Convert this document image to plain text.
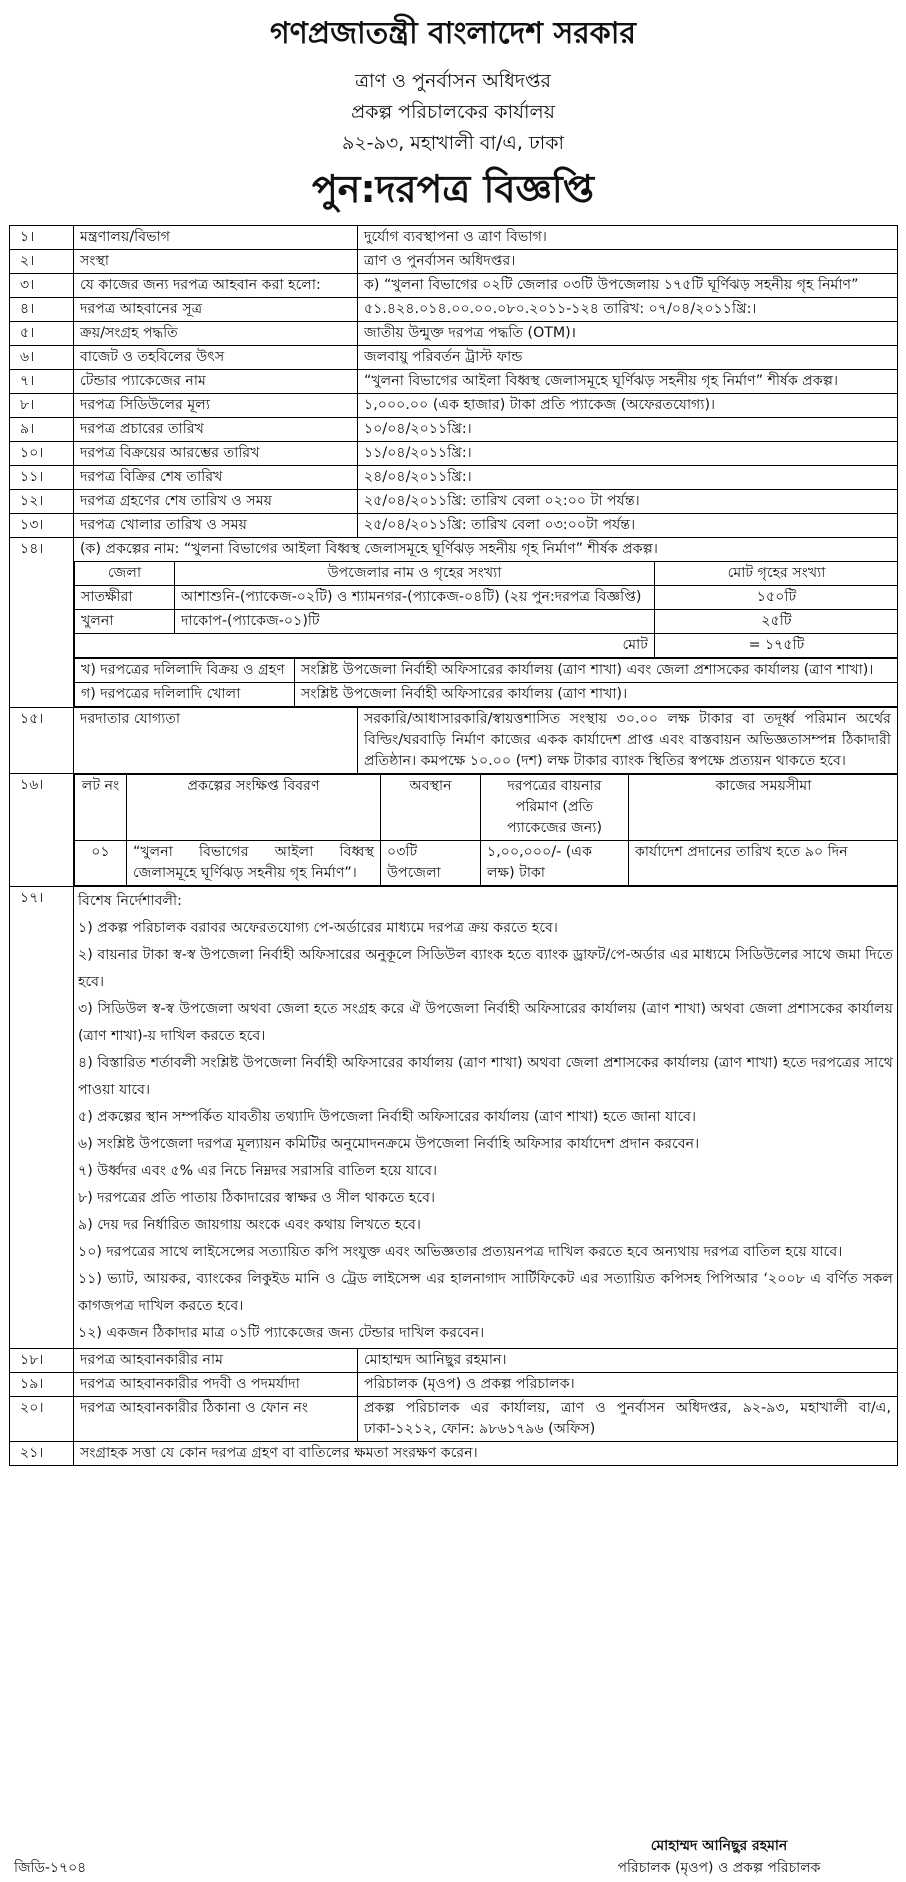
গণপ্রজাতন্ত্রী বাংলাদেশ সরকার
ত্রাণ ও পুনর্বাসন অধিদপ্তর
প্রকল্প পরিচালকের কার্যালয়
৯২-৯৩, মহাখালী বা/এ, ঢাকা
পুন:দরপত্র বিজ্ঞপ্তি
১।	মন্ত্রণালয়/বিভাগ	দুর্যোগ ব্যবস্থাপনা ও ত্রাণ বিভাগ।
২।	সংস্থা	ত্রাণ ও পুনর্বাসন অধিদপ্তর।
৩।	যে কাজের জন্য দরপত্র আহবান করা হলো:	ক) “খুলনা বিভাগের ০২টি জেলার ০৩টি উপজেলায় ১৭৫টি ঘূর্ণিঝড় সহনীয় গৃহ নির্মাণ”
৪।	দরপত্র আহবানের সূত্র	৫১.৪২৪.০১৪.০০.০০.০৮০.২০১১-১২৪ তারিখ: ০৭/০৪/২০১১খ্রি:।
৫।	ক্রয়/সংগ্রহ পদ্ধতি	জাতীয় উন্মুক্ত দরপত্র পদ্ধতি (OTM)।
৬।	বাজেট ও তহবিলের উৎস	জলবায়ু পরিবর্তন ট্রাস্ট ফান্ড
৭।	টেন্ডার প্যাকেজের নাম	“খুলনা বিভাগের আইলা বিধ্বস্থ জেলাসমূহে ঘূর্ণিঝড় সহনীয় গৃহ নির্মাণ” শীর্ষক প্রকল্প।
৮।	দরপত্র সিডিউলের মূল্য	১,০০০.০০ (এক হাজার) টাকা প্রতি প্যাকেজ (অফেরতযোগ্য)।
৯।	দরপত্র প্রচারের তারিখ	১০/০৪/২০১১খ্রি:।
১০।	দরপত্র বিক্রয়ের আরম্ভের তারিখ	১১/০৪/২০১১খ্রি:।
১১।	দরপত্র বিক্রির শেষ তারিখ	২৪/০৪/২০১১খ্রি:।
১২।	দরপত্র গ্রহণের শেষ তারিখ ও সময়	২৫/০৪/২০১১খ্রি: তারিখ বেলা ০২:০০ টা পর্যন্ত।
১৩।	দরপত্র খোলার তারিখ ও সময়	২৫/০৪/২০১১খ্রি: তারিখ বেলা ০৩:০০টা পর্যন্ত।
১৪।	(ক) প্রকল্পের নাম: “খুলনা বিভাগের আইলা বিধ্বস্থ জেলাসমূহে ঘূর্ণিঝড় সহনীয় গৃহ নির্মাণ” শীর্ষক প্রকল্প।
জেলা	উপজেলার নাম ও গৃহের সংখ্যা	মোট গৃহের সংখ্যা
সাতক্ষীরা	আশাশুনি-(প্যাকেজ-০২টি) ও শ্যামনগর-(প্যাকেজ-০৪টি) (২য় পুন:দরপত্র বিজ্ঞপ্তি)	১৫০টি
খুলনা	দাকোপ-(প্যাকেজ-০১)টি	২৫টি
মোট	= ১৭৫টি
খ) দরপত্রের দলিলাদি বিক্রয় ও গ্রহণ	সংশ্লিষ্ট উপজেলা নির্বাহী অফিসারের কার্যালয় (ত্রাণ শাখা) এবং জেলা প্রশাসকের কার্যালয় (ত্রাণ শাখা)।
গ) দরপত্রের দলিলাদি খোলা	সংশ্লিষ্ট উপজেলা নির্বাহী অফিসারের কার্যালয় (ত্রাণ শাখা)।

১৫।	দরদাতার যোগ্যতা	সরকারি/আধাসারকারি/স্বায়ত্তশাসিত সংস্থায় ৩০.০০ লক্ষ টাকার বা তদূর্ধ্ব পরিমান অর্থের বিল্ডিং/ঘরবাড়ি নির্মাণ কাজের একক কার্যাদেশ প্রাপ্ত এবং বাস্তবায়ন অভিজ্ঞতাসম্পন্ন ঠিকাদারী প্রতিষ্ঠান। কমপক্ষে ১০.০০ (দশ) লক্ষ টাকার ব্যাংক স্থিতির স্বপক্ষে প্রত্যয়ন থাকতে হবে।
১৬।		লট নং	প্রকল্পের সংক্ষিপ্ত বিবরণ	অবস্থান	দরপত্রের বায়নার পরিমাণ (প্রতি প্যাকেজের জন্য)	কাজের সময়সীমা
০১	“খুলনা বিভাগের আইলা বিধ্বস্থ জেলাসমূহে ঘূর্ণিঝড় সহনীয় গৃহ নির্মাণ”।	০৩টি উপজেলা	১,০০,০০০/- (এক লক্ষ) টাকা	কার্যাদেশ প্রদানের তারিখ হতে ৯০ দিন

১৭।	বিশেষ নির্দেশাবলী:
১) প্রকল্প পরিচালক বরাবর অফেরতযোগ্য পে-অর্ডারের মাধ্যমে দরপত্র ক্রয় করতে হবে।
২) বায়নার টাকা স্ব-স্ব উপজেলা নির্বাহী অফিসারের অনুকূলে সিডিউল ব্যাংক হতে ব্যাংক ড্রাফট/পে-অর্ডার এর মাধ্যমে সিডিউলের সাথে জমা দিতে হবে।
৩) সিডিউল স্ব-স্ব উপজেলা অথবা জেলা হতে সংগ্রহ করে ঐ উপজেলা নির্বাহী অফিসারের কার্যালয় (ত্রাণ শাখা) অথবা জেলা প্রশাসকের কার্যালয় (ত্রাণ শাখা)-য় দাখিল করতে হবে।
৪) বিস্তারিত শর্তাবলী সংশ্লিষ্ট উপজেলা নির্বাহী অফিসারের কার্যালয় (ত্রাণ শাখা) অথবা জেলা প্রশাসকের কার্যালয় (ত্রাণ শাখা) হতে দরপত্রের সাথে পাওয়া যাবে।
৫) প্রকল্পের স্থান সম্পর্কিত যাবতীয় তথ্যাদি উপজেলা নির্বাহী অফিসারের কার্যালয় (ত্রাণ শাখা) হতে জানা যাবে।
৬) সংশ্লিষ্ট উপজেলা দরপত্র মূল্যায়ন কমিটির অনুমোদনক্রমে উপজেলা নির্বাহি অফিসার কার্যাদেশ প্রদান করবেন।
৭) উর্ধ্বদর এবং ৫% এর নিচে নিম্নদর সরাসরি বাতিল হয়ে যাবে।
৮) দরপত্রের প্রতি পাতায় ঠিকাদারের স্বাক্ষর ও সীল থাকতে হবে।
৯) দেয় দর নির্ধারিত জায়গায় অংকে এবং কথায় লিখতে হবে।
১০) দরপত্রের সাথে লাইসেন্সের সত্যায়িত কপি সংযুক্ত এবং অভিজ্ঞতার প্রত্যয়নপত্র দাখিল করতে হবে অন্যথায় দরপত্র বাতিল হয়ে যাবে।
১১) ভ্যাট, আয়কর, ব্যাংকের লিকুইড মানি ও ট্রেড লাইসেন্স এর হালনাগাদ সার্টিফিকেট এর সত্যায়িত কপিসহ পিপিআর ‘২০০৮ এ বর্ণিত সকল কাগজপত্র দাখিল করতে হবে।
১২) একজন ঠিকাদার মাত্র ০১টি প্যাকেজের জন্য টেন্ডার দাখিল করবেন।

১৮।	দরপত্র আহবানকারীর নাম	মোহাম্মদ আনিছুর রহমান।
১৯।	দরপত্র আহবানকারীর পদবী ও পদমর্যাদা	পরিচালক (মৃওপ) ও প্রকল্প পরিচালক।
২০।	দরপত্র আহবানকারীর ঠিকানা ও ফোন নং	প্রকল্প পরিচালক এর কার্যালয়, ত্রাণ ও পুনর্বাসন অধিদপ্তর, ৯২-৯৩, মহাখালী বা/এ, ঢাকা-১২১২, ফোন: ৯৮৬১৭৯৬ (অফিস)
২১।	সংগ্রাহক সত্তা যে কোন দরপত্র গ্রহণ বা বাতিলের ক্ষমতা সংরক্ষণ করেন।
জিডি-১৭০৪
মোহাম্মদ আনিছুর রহমান
পরিচালক (মৃওপ) ও প্রকল্প পরিচালক
